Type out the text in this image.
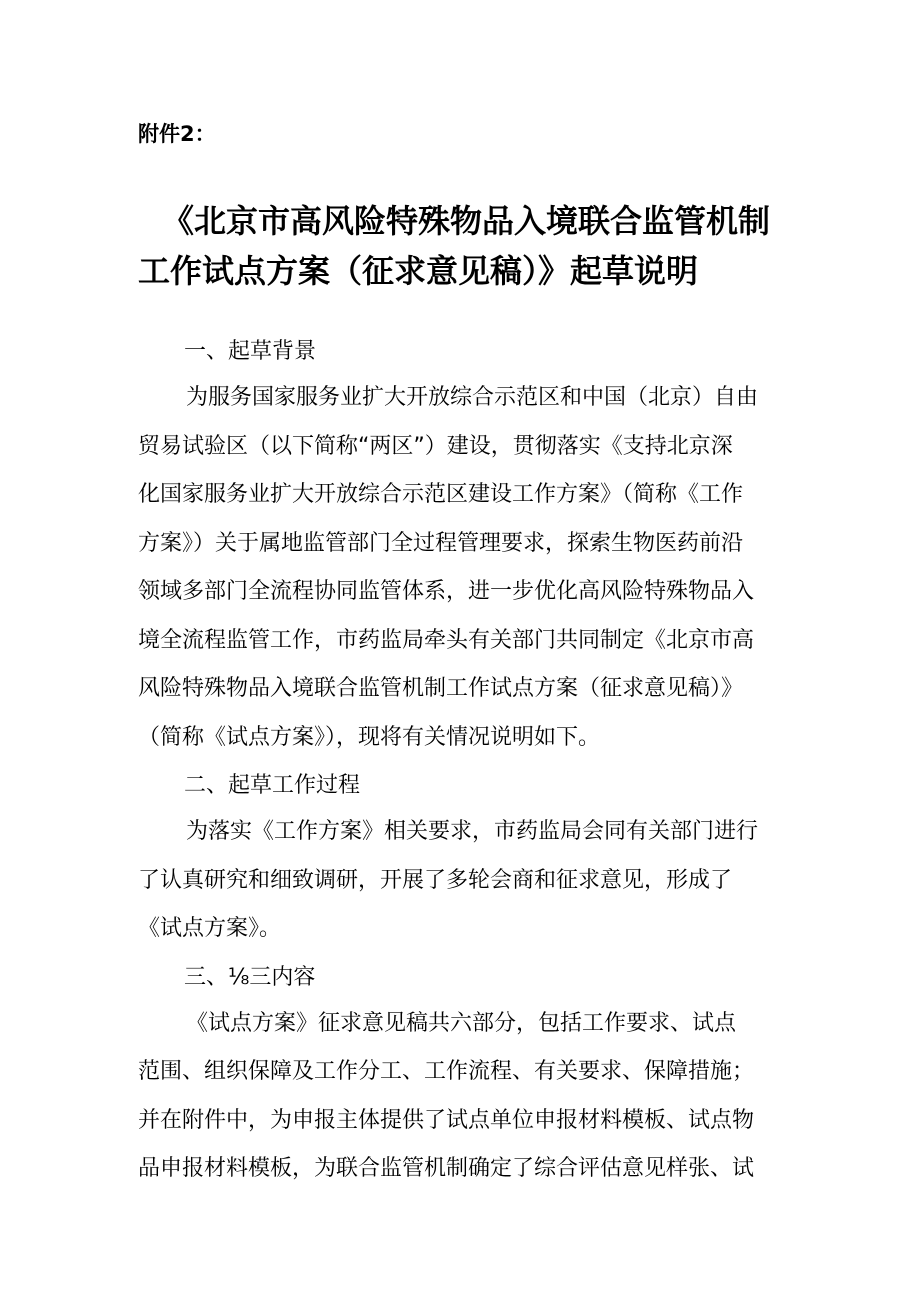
附件2：
《北京市高风险特殊物品入境联合监管机制
工作试点方案（征求意见稿）》起草说明
一、起草背景
为服务国家服务业扩大开放综合示范区和中国（北京）自由
贸易试验区（以下简称“两区”）建设，贯彻落实《支持北京深
化国家服务业扩大开放综合示范区建设工作方案》（简称《工作
方案》）关于属地监管部门全过程管理要求，探索生物医药前沿
领域多部门全流程协同监管体系，进一步优化高风险特殊物品入
境全流程监管工作，市药监局牵头有关部门共同制定《北京市高
风险特殊物品入境联合监管机制工作试点方案（征求意见稿）》
（简称《试点方案》），现将有关情况说明如下。
二、起草工作过程
为落实《工作方案》相关要求，市药监局会同有关部门进行
了认真研究和细致调研，开展了多轮会商和征求意见，形成了
《试点方案》。
三、⅛三内容
《试点方案》征求意见稿共六部分，包括工作要求、试点
范围、组织保障及工作分工、工作流程、有关要求、保障措施；
并在附件中，为申报主体提供了试点单位申报材料模板、试点物
品申报材料模板，为联合监管机制确定了综合评估意见样张、试
